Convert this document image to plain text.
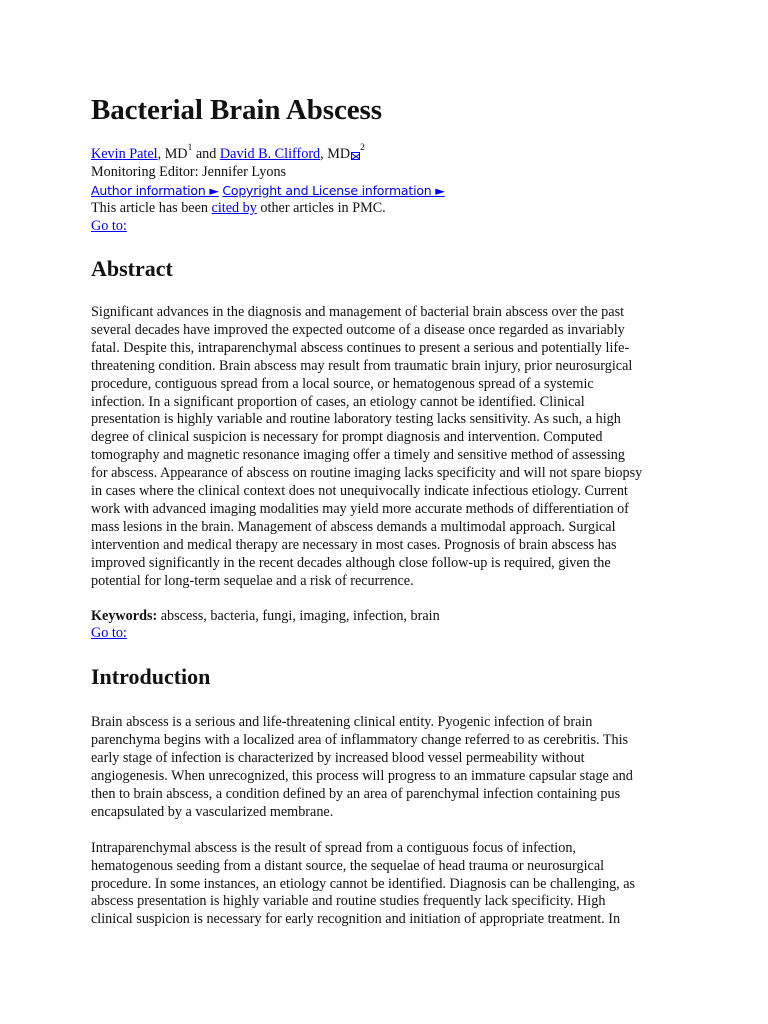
Bacterial Brain Abscess
Kevin Patel, $MD^1$ and David B. Clifford, MD $^2$
Monitoring Editor: Jennifer Lyons
Author information ► Copyright and License information ►
This article has been cited by other articles in PMC.
Go to:
Abstract

Significant advances in the diagnosis and management of bacterial brain abscess over the past
several decades have improved the expected outcome of a disease once regarded as invariably
fatal. Despite this, intraparenchymal abscess continues to present a serious and potentially life-
threatening condition. Brain abscess may result from traumatic brain injury, prior neurosurgical
procedure, contiguous spread from a local source, or hematogenous spread of a systemic
infection. In a significant proportion of cases, an etiology cannot be identified. Clinical
presentation is highly variable and routine laboratory testing lacks sensitivity. As such, a high
degree of clinical suspicion is necessary for prompt diagnosis and intervention. Computed
tomography and magnetic resonance imaging offer a timely and sensitive method of assessing
for abscess. Appearance of abscess on routine imaging lacks specificity and will not spare biopsy
in cases where the clinical context does not unequivocally indicate infectious etiology. Current
work with advanced imaging modalities may yield more accurate methods of differentiation of
mass lesions in the brain. Management of abscess demands a multimodal approach. Surgical
intervention and medical therapy are necessary in most cases. Prognosis of brain abscess has
improved significantly in the recent decades although close follow-up is required, given the
potential for long-term sequelae and a risk of recurrence.

Keywords: abscess, bacteria, fungi, imaging, infection, brain
Go to:
Introduction

Brain abscess is a serious and life-threatening clinical entity. Pyogenic infection of brain
parenchyma begins with a localized area of inflammatory change referred to as cerebritis. This
early stage of infection is characterized by increased blood vessel permeability without
angiogenesis. When unrecognized, this process will progress to an immature capsular stage and
then to brain abscess, a condition defined by an area of parenchymal infection containing pus
encapsulated by a vascularized membrane.

Intraparenchymal abscess is the result of spread from a contiguous focus of infection,
hematogenous seeding from a distant source, the sequelae of head trauma or neurosurgical
procedure. In some instances, an etiology cannot be identified. Diagnosis can be challenging, as
abscess presentation is highly variable and routine studies frequently lack specificity. High
clinical suspicion is necessary for early recognition and initiation of appropriate treatment. In
